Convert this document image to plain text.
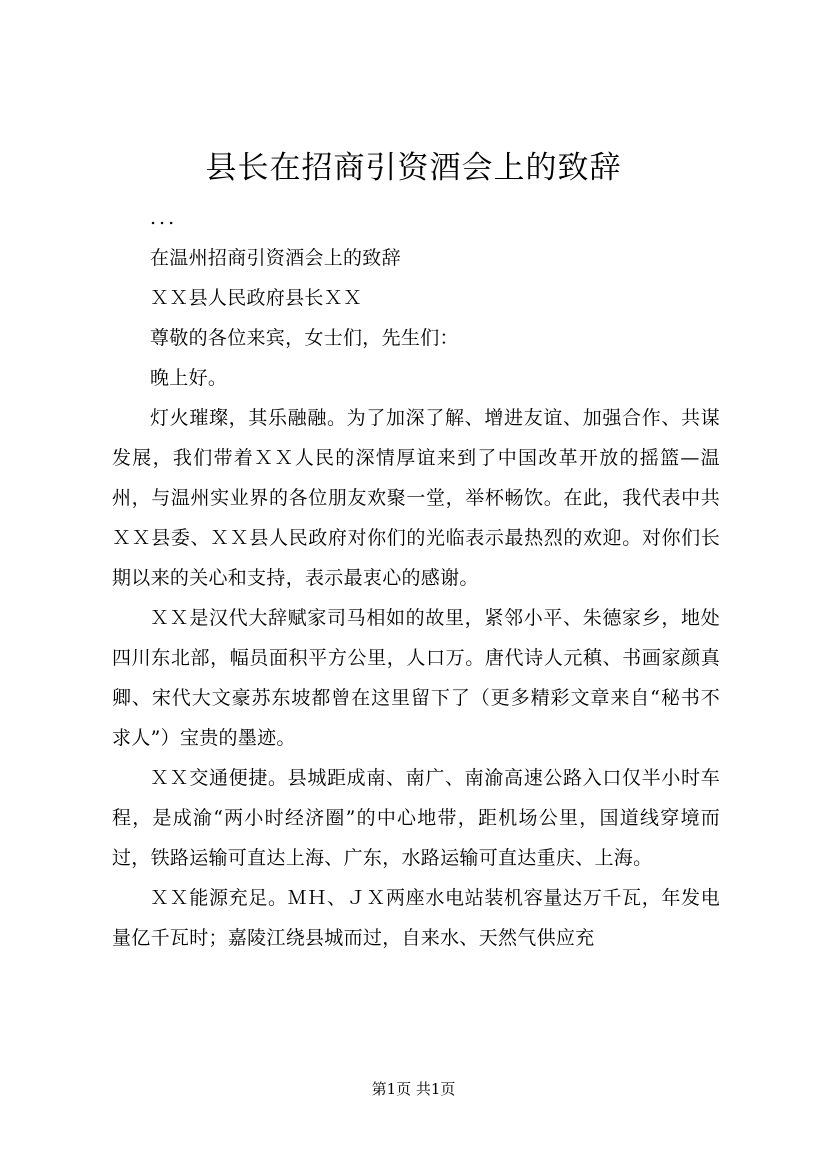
县长在招商引资酒会上的致辞

...

在温州招商引资酒会上的致辞

ＸＸ县人民政府县长ＸＸ

尊敬的各位来宾，女士们，先生们：

晚上好。

灯火璀璨，其乐融融。为了加深了解、增进友谊、加强合作、共谋发展，我们带着ＸＸ人民的深情厚谊来到了中国改革开放的摇篮—温州，与温州实业界的各位朋友欢聚一堂，举杯畅饮。在此，我代表中共ＸＸ县委、ＸＸ县人民政府对你们的光临表示最热烈的欢迎。对你们长期以来的关心和支持，表示最衷心的感谢。

ＸＸ是汉代大辞赋家司马相如的故里，紧邻小平、朱德家乡，地处四川东北部，幅员面积平方公里，人口万。唐代诗人元稹、书画家颜真卿、宋代大文豪苏东坡都曾在这里留下了（更多精彩文章来自“秘书不求人”）宝贵的墨迹。

ＸＸ交通便捷。县城距成南、南广、南渝高速公路入口仅半小时车程，是成渝“两小时经济圈”的中心地带，距机场公里，国道线穿境而过，铁路运输可直达上海、广东，水路运输可直达重庆、上海。

ＸＸ能源充足。ＭＨ、ＪＸ两座水电站装机容量达万千瓦，年发电量亿千瓦时；嘉陵江绕县城而过，自来水、天然气供应充

第1页 共1页
